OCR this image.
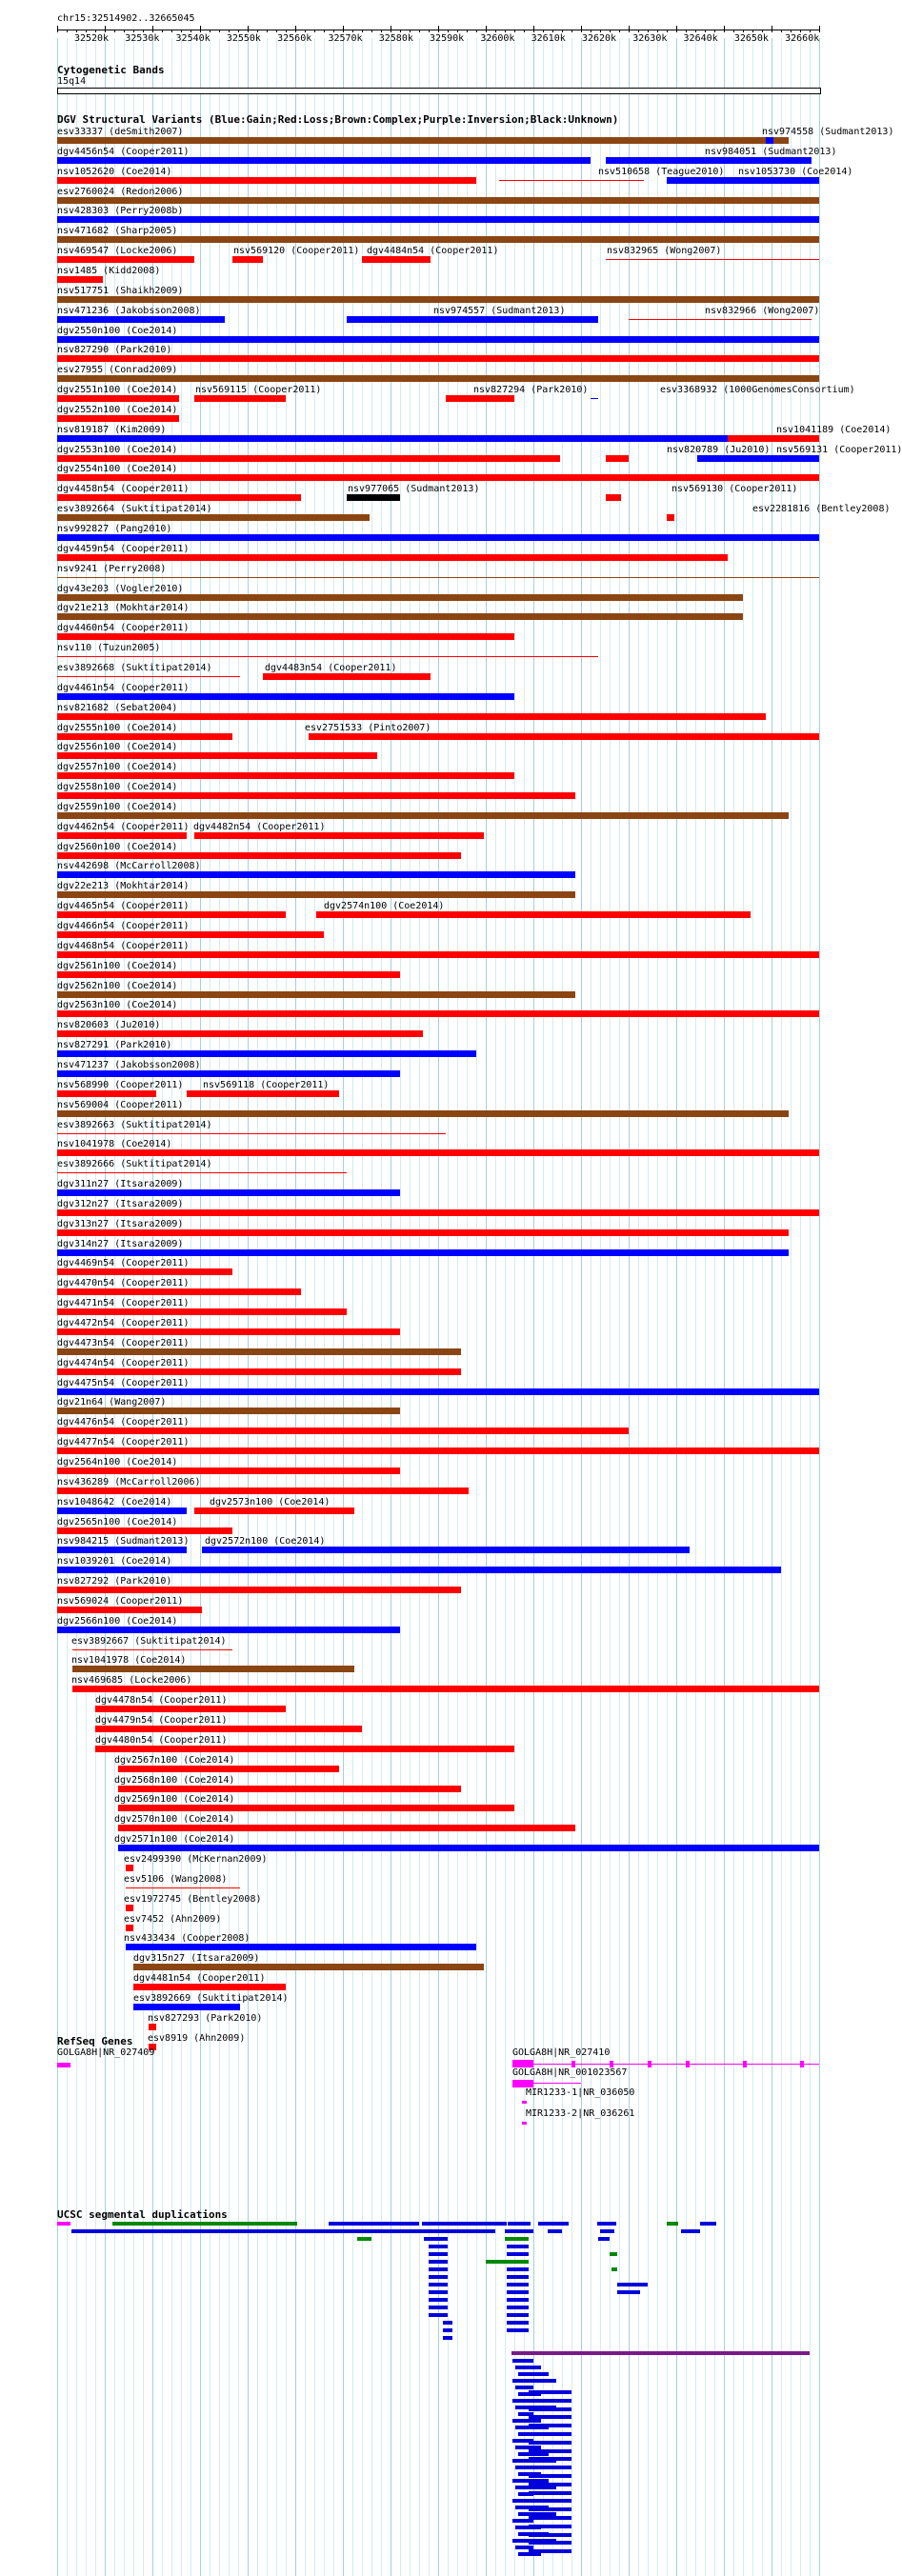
chr15:32514902..32665045
32520k 32530k 32540k 32550k 32560k 32570k 32580k 32590k 32600k 32610k 32620k 32630k 32640k 32650k 32660k
Cytogenetic Bands
15q14
DGV Structural Variants (Blue:Gain;Red:Loss;Brown:Complex;Purple:Inversion;Black:Unknown)
esv33337 (deSmith2007)	nsv974558 (Sudmant2013)
dgv4456n54 (Cooper2011)	nsv984051 (Sudmant2013)
nsv1052620 (Coe2014)	nsv510658 (Teague2010) nsv1053730 (Coe2014)
esv2760024 (Redon2006)
nsv428303 (Perry2008b)
nsv471682 (Sharp2005)
nsv469547 (Locke2006)	nsv569120 (Cooper2011) dgv4484n54 (Cooper2011)	nsv832965 (Wong2007)
nsv1485 (Kidd2008)
nsv517751 (Shaikh2009)
nsv471236 (Jakobsson2008)	nsv974557 (Sudmant2013)	nsv832966 (Wong2007)
dgv2550n100 (Coe2014)
nsv827290 (Park2010)
esv27955 (Conrad2009)
dgv2551n100 (Coe2014) nsv569115 (Cooper2011)	nsv827294 (Park2010)	esv3368932 (1000GenomesConsortium)
dgv2552n100 (Coe2014)
nsv819187 (Kim2009)	nsv1041189 (Coe2014)
dgv2553n100 (Coe2014)	nsv820789 (Ju2010) nsv569131 (Cooper2011)
dgv2554n100 (Coe2014)
dgv4458n54 (Cooper2011)	nsv977065 (Sudmant2013)	nsv569130 (Cooper2011)
esv3892664 (Suktitipat2014)	esv2281816 (Bentley2008)
nsv992827 (Pang2010)
dgv4459n54 (Cooper2011)
nsv9241 (Perry2008)
dgv43e203 (Vogler2010)
dgv21e213 (Mokhtar2014)
dgv4460n54 (Cooper2011)
nsv110 (Tuzun2005)
esv3892668 (Suktitipat2014)	dgv4483n54 (Cooper2011)
dgv4461n54 (Cooper2011)
nsv821682 (Sebat2004)
dgv2555n100 (Coe2014)	esv2751533 (Pinto2007)
dgv2556n100 (Coe2014)
dgv2557n100 (Coe2014)
dgv2558n100 (Coe2014)
dgv2559n100 (Coe2014)
dgv4462n54 (Cooper2011) dgv4482n54 (Cooper2011)
dgv2560n100 (Coe2014)
nsv442698 (McCarroll2008)
dgv22e213 (Mokhtar2014)
dgv4465n54 (Cooper2011)	dgv2574n100 (Coe2014)
dgv4466n54 (Cooper2011)
dgv4468n54 (Cooper2011)
dgv2561n100 (Coe2014)
dgv2562n100 (Coe2014)
dgv2563n100 (Coe2014)
nsv820603 (Ju2010)
nsv827291 (Park2010)
nsv471237 (Jakobsson2008)
nsv568990 (Cooper2011) nsv569118 (Cooper2011)
nsv569004 (Cooper2011)
esv3892663 (Suktitipat2014)
nsv1041978 (Coe2014)
esv3892666 (Suktitipat2014)
dgv311n27 (Itsara2009)
dgv312n27 (Itsara2009)
dgv313n27 (Itsara2009)
dgv314n27 (Itsara2009)
dgv4469n54 (Cooper2011)
dgv4470n54 (Cooper2011)
dgv4471n54 (Cooper2011)
dgv4472n54 (Cooper2011)
dgv4473n54 (Cooper2011)
dgv4474n54 (Cooper2011)
dgv4475n54 (Cooper2011)
dgv21n64 (Wang2007)
dgv4476n54 (Cooper2011)
dgv4477n54 (Cooper2011)
dgv2564n100 (Coe2014)
nsv436289 (McCarroll2006)
nsv1048642 (Coe2014)	dgv2573n100 (Coe2014)
dgv2565n100 (Coe2014)
nsv984215 (Sudmant2013) dgv2572n100 (Coe2014)
nsv1039201 (Coe2014)
nsv827292 (Park2010)
nsv569024 (Cooper2011)
dgv2566n100 (Coe2014)
esv3892667 (Suktitipat2014)
nsv1041978 (Coe2014)
nsv469685 (Locke2006)
dgv4478n54 (Cooper2011)
dgv4479n54 (Cooper2011)
dgv4480n54 (Cooper2011)
dgv2567n100 (Coe2014)
dgv2568n100 (Coe2014)
dgv2569n100 (Coe2014)
dgv2570n100 (Coe2014)
dgv2571n100 (Coe2014)
esv2499390 (McKernan2009)
esv5106 (Wang2008)
esv1972745 (Bentley2008)
esv7452 (Ahn2009)
nsv433434 (Cooper2008)
dgv315n27 (Itsara2009)
dgv4481n54 (Cooper2011)
esv3892669 (Suktitipat2014)
nsv827293 (Park2010)
esv8919 (Ahn2009)
RefSeq Genes
GOLGA8H|NR_027409	GOLGA8H|NR_027410
GOLGA8H|NR_001023567
MIR1233-1|NR_036050
MIR1233-2|NR_036261
UCSC segmental duplications
